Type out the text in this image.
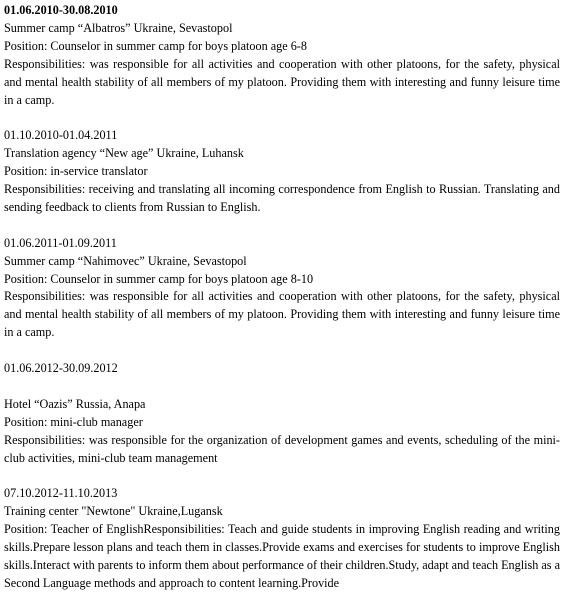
01.06.2010-30.08.2010
Summer camp “Albatros” Ukraine, Sevastopol
Position: Counselor in summer camp for boys platoon age 6-8
Responsibilities: was responsible for all activities and cooperation with other platoons, for the safety, physical and mental health stability of all members of my platoon. Providing them with interesting and funny leisure time in a camp.
01.10.2010-01.04.2011
Translation agency “New age” Ukraine, Luhansk
Position: in-service translator
Responsibilities: receiving and translating all incoming correspondence from English to Russian. Translating and sending feedback to clients from Russian to English.
01.06.2011-01.09.2011
Summer camp “Nahimovec” Ukraine, Sevastopol
Position: Counselor in summer camp for boys platoon age 8-10
Responsibilities: was responsible for all activities and cooperation with other platoons, for the safety, physical and mental health stability of all members of my platoon. Providing them with interesting and funny leisure time in a camp.
01.06.2012-30.09.2012
Hotel “Oazis” Russia, Anapa
Position: mini-club manager
Responsibilities: was responsible for the organization of development games and events, scheduling of the mini-club activities, mini-club team management
07.10.2012-11.10.2013
Training center "Newtone" Ukraine,Lugansk
Position: Teacher of EnglishResponsibilities: Teach and guide students in improving English reading and writing skills.Prepare lesson plans and teach them in classes.Provide exams and exercises for students to improve English skills.Interact with parents to inform them about performance of their children.Study, adapt and teach English as a Second Language methods and approach to content learning.Provide
